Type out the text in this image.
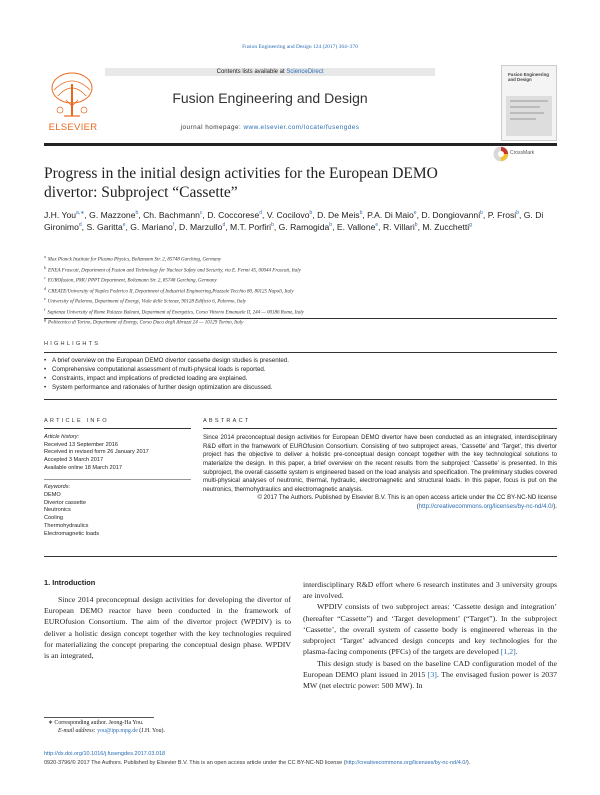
Fusion Engineering and Design 124 (2017) 364–370
ELSEVIER
Contents lists available at ScienceDirect
Fusion Engineering and Design
journal homepage: www.elsevier.com/locate/fusengdes
Fusion Engineering and Design
Progress in the initial design activities for the European DEMO divertor: Subproject “Cassette”
CrossMark
J.H. You$^{a,∗}$, G. Mazzone$^b$, Ch. Bachmann$^c$, D. Coccorese$^d$, V. Cocilovo$^b$, D. De Meis$^b$, P.A. Di Maio$^e$, D. Dongiovanni$^b$, P. Frosi$^b$, G. Di Gironimo$^d$, S. Garitta$^e$, G. Mariano$^f$, D. Marzullo$^d$, M.T. Porfiri$^b$, G. Ramogida$^b$, E. Vallone$^e$, R. Villari$^b$, M. Zucchetti$^g$
$^a$Max Planck Institute for Plasma Physics, Boltzmann Str. 2, 85748 Garching, Germany
$^b$ENEA Frascati, Department of Fusion and Technology for Nuclear Safety and Security, via E. Fermi 45, 00044 Frascati, Italy
$^c$EUROfusion, PMU PPPT Department, Boltzmann Str. 2, 85748 Garching, Germany
$^d$CREATE/University of Naples Federico II, Department of Industrial Engineering,Piazzale Tecchio 80, 80125 Napoli, Italy
$^e$University of Palermo, Department of Energy, Viale delle Scienze, 90128 Edificio 6, Palermo, Italy
$^f$Sapienza University of Rome Palazzo Baleani, Department of Energetics, Corso Vittorio Emanuele II, 244 — 00186 Rome, Italy
$^g$Politecnico di Torino, Department of Energy, Corso Duca degli Abruzzi 24 — 10129 Torino, Italy
HIGHLIGHTS
• A brief overview on the European DEMO divertor cassette design studies is presented.
• Comprehensive computational assessment of multi-physical loads is reported.
• Constraints, impact and implications of predicted loading are explained.
• System performance and rationales of further design optimization are discussed.
ARTICLE INFO
Article history:
Received 13 September 2016
Received in revised form 26 January 2017
Accepted 3 March 2017
Available online 18 March 2017
Keywords:
DEMO
Divertor cassette
Neutronics
Cooling
Thermohydraulics
Electromagnetic loads
ABSTRACT
Since 2014 preconceptual design activities for European DEMO divertor have been conducted as an integrated, interdisciplinary R&D effort in the framework of EUROfusion Consortium. Consisting of two subproject areas, ‘Cassette’ and ‘Target’, this divertor project has the objective to deliver a holistic pre-conceptual design concept together with the key technological solutions to materialize the design. In this paper, a brief overview on the recent results from the subproject ‘Cassette’ is presented. In this subproject, the overall cassette system is engineered based on the load analysis and specification. The preliminary studies covered multi-physical analyses of neutronic, thermal, hydraulic, electromagnetic and structural loads. In this paper, focus is put on the neutronics, thermohydraulics and electromagnetic analysis.
© 2017 The Authors. Published by Elsevier B.V. This is an open access article under the CC BY-NC-ND license (http://creativecommons.org/licenses/by-nc-nd/4.0/).
1. Introduction

Since 2014 preconceptual design activities for developing the divertor of European DEMO reactor have been conducted in the framework of EUROfusion Consortium. The aim of the divertor project (WPDIV) is to deliver a holistic design concept together with the key technologies required for materializing the concept preparing the conceptual design phase. WPDIV is an integrated,

interdisciplinary R&D effort where 6 research institutes and 3 university groups are involved.

WPDIV consists of two subproject areas: ‘Cassette design and integration’ (hereafter “Cassette”) and ‘Target development’ (“Target”). In the subproject ‘Cassette’, the overall system of cassette body is engineered whereas in the subproject ‘Target’ advanced design concepts and key technologies for the plasma-facing components (PFCs) of the targets are developed [1,2].

This design study is based on the baseline CAD configuration model of the European DEMO plant issued in 2015 [3]. The envisaged fusion power is 2037 MW (net electric power: 500 MW). In

∗ Corresponding author. Jeong-Ha You.
E-mail address: you@ipp.mpg.de (J.H. You).
http://dx.doi.org/10.1016/j.fusengdes.2017.03.018
0920-3796/© 2017 The Authors. Published by Elsevier B.V. This is an open access article under the CC BY-NC-ND license (http://creativecommons.org/licenses/by-nc-nd/4.0/).
